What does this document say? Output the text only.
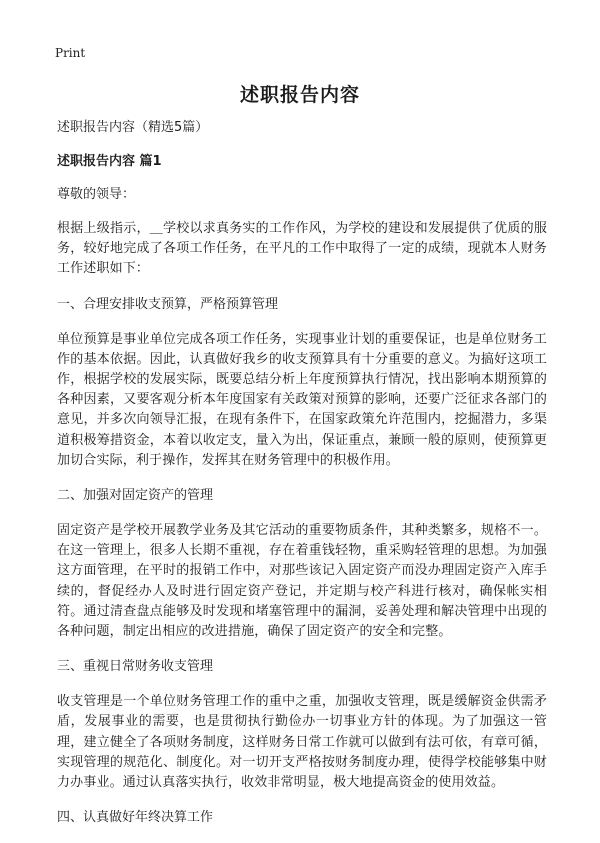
Print
述职报告内容
述职报告内容（精选5篇）
述职报告内容 篇1
尊敬的领导：
根据上级指示，＿学校以求真务实的工作作风，为学校的建设和发展提供了优质的服务，较好地完成了各项工作任务，在平凡的工作中取得了一定的成绩，现就本人财务工作述职如下：
一、合理安排收支预算，严格预算管理
单位预算是事业单位完成各项工作任务，实现事业计划的重要保证，也是单位财务工作的基本依据。因此，认真做好我乡的收支预算具有十分重要的意义。为搞好这项工作，根据学校的发展实际，既要总结分析上年度预算执行情况，找出影响本期预算的各种因素，又要客观分析本年度国家有关政策对预算的影响，还要广泛征求各部门的意见，并多次向领导汇报，在现有条件下，在国家政策允许范围内，挖掘潜力，多渠道积极筹措资金，本着以收定支，量入为出，保证重点，兼顾一般的原则，使预算更加切合实际，利于操作，发挥其在财务管理中的积极作用。
二、加强对固定资产的管理
固定资产是学校开展教学业务及其它活动的重要物质条件，其种类繁多，规格不一。在这一管理上，很多人长期不重视，存在着重钱轻物，重采购轻管理的思想。为加强这方面管理，在平时的报销工作中，对那些该记入固定资产而没办理固定资产入库手续的，督促经办人及时进行固定资产登记，并定期与校产科进行核对，确保帐实相符。通过清查盘点能够及时发现和堵塞管理中的漏洞，妥善处理和解决管理中出现的各种问题，制定出相应的改进措施，确保了固定资产的安全和完整。
三、重视日常财务收支管理
收支管理是一个单位财务管理工作的重中之重，加强收支管理，既是缓解资金供需矛盾，发展事业的需要，也是贯彻执行勤俭办一切事业方针的体现。为了加强这一管理，建立健全了各项财务制度，这样财务日常工作就可以做到有法可依，有章可循，实现管理的规范化、制度化。对一切开支严格按财务制度办理，使得学校能够集中财力办事业。通过认真落实执行，收效非常明显，极大地提高资金的使用效益。
四、认真做好年终决算工作
